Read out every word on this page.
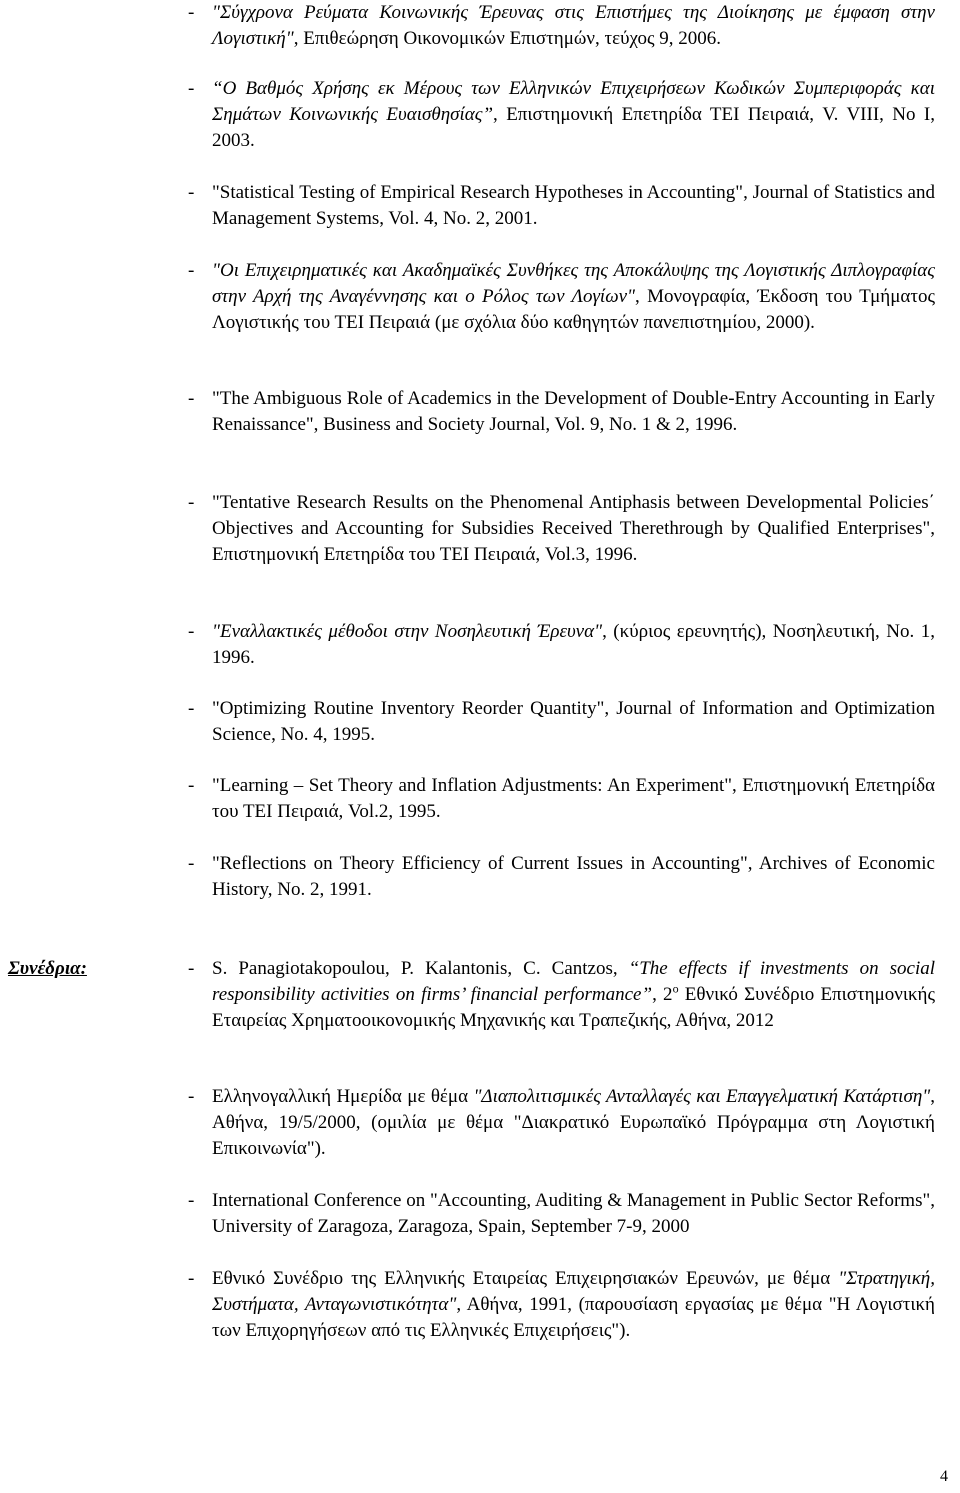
- "Σύγχρονα Ρεύματα Κοινωνικής Έρευνας στις Επιστήμες της Διοίκησης με έμφαση στην Λογιστική", Επιθεώρηση Οικονομικών Επιστημών, τεύχος 9, 2006.
- “Ο Βαθμός Χρήσης εκ Μέρους των Ελληνικών Επιχειρήσεων Κωδικών Συμπεριφοράς και Σημάτων Κοινωνικής Ευαισθησίας”, Επιστημονική Επετηρίδα ΤΕΙ Πειραιά, V. VIII, No I, 2003.
- "Statistical Testing of Empirical Research Hypotheses in Accounting", Journal of Statistics and Management Systems, Vol. 4, No. 2, 2001.
- "Οι Επιχειρηματικές και Ακαδημαϊκές Συνθήκες της Αποκάλυψης της Λογιστικής Διπλογραφίας στην Αρχή της Αναγέννησης και ο Ρόλος των Λογίων", Μονογραφία, Έκδοση του Τμήματος Λογιστικής του ΤΕΙ Πειραιά (με σχόλια δύο καθηγητών πανεπιστημίου, 2000).
- "The Ambiguous Role of Academics in the Development of Double-Entry Accounting in Early Renaissance", Business and Society Journal, Vol. 9, No. 1 & 2, 1996.
- "Tentative Research Results on the Phenomenal Antiphasis between Developmental Policies΄ Objectives and Accounting for Subsidies Received Therethrough by Qualified Enterprises", Επιστημονική Επετηρίδα του ΤΕΙ Πειραιά, Vol.3, 1996.
- "Εναλλακτικές μέθοδοι στην Νοσηλευτική Έρευνα", (κύριος ερευνητής), Νοσηλευτική, No. 1, 1996.
- "Optimizing Routine Inventory Reorder Quantity", Journal of Information and Optimization Science, No. 4, 1995.
- "Learning – Set Theory and Inflation Adjustments: An Experiment", Επιστημονική Επετηρίδα του ΤΕΙ Πειραιά, Vol.2, 1995.
- "Reflections on Theory Efficiency of Current Issues in Accounting", Archives of Economic History, No. 2, 1991.
Συνέδρια:	- S. Panagiotakopoulou, P. Kalantonis, C. Cantzos, “The effects if investments on social responsibility activities on firms’ financial performance”, $2^o$ Εθνικό Συνέδριο Επιστημονικής Εταιρείας Χρηματοοικονομικής Μηχανικής και Τραπεζικής, Αθήνα, 2012
- Ελληνογαλλική Ημερίδα με θέμα "Διαπολιτισμικές Ανταλλαγές και Επαγγελματική Κατάρτιση", Αθήνα, 19/5/2000, (ομιλία με θέμα "Διακρατικό Ευρωπαϊκό Πρόγραμμα στη Λογιστική Επικοινωνία").
- International Conference on "Accounting, Auditing & Management in Public Sector Reforms", University of Zaragoza, Zaragoza, Spain, September 7-9, 2000
- Εθνικό Συνέδριο της Ελληνικής Εταιρείας Επιχειρησιακών Ερευνών, με θέμα "Στρατηγική, Συστήματα, Ανταγωνιστικότητα", Αθήνα, 1991, (παρουσίαση εργασίας με θέμα "Η Λογιστική των Επιχορηγήσεων από τις Ελληνικές Επιχειρήσεις").
4
